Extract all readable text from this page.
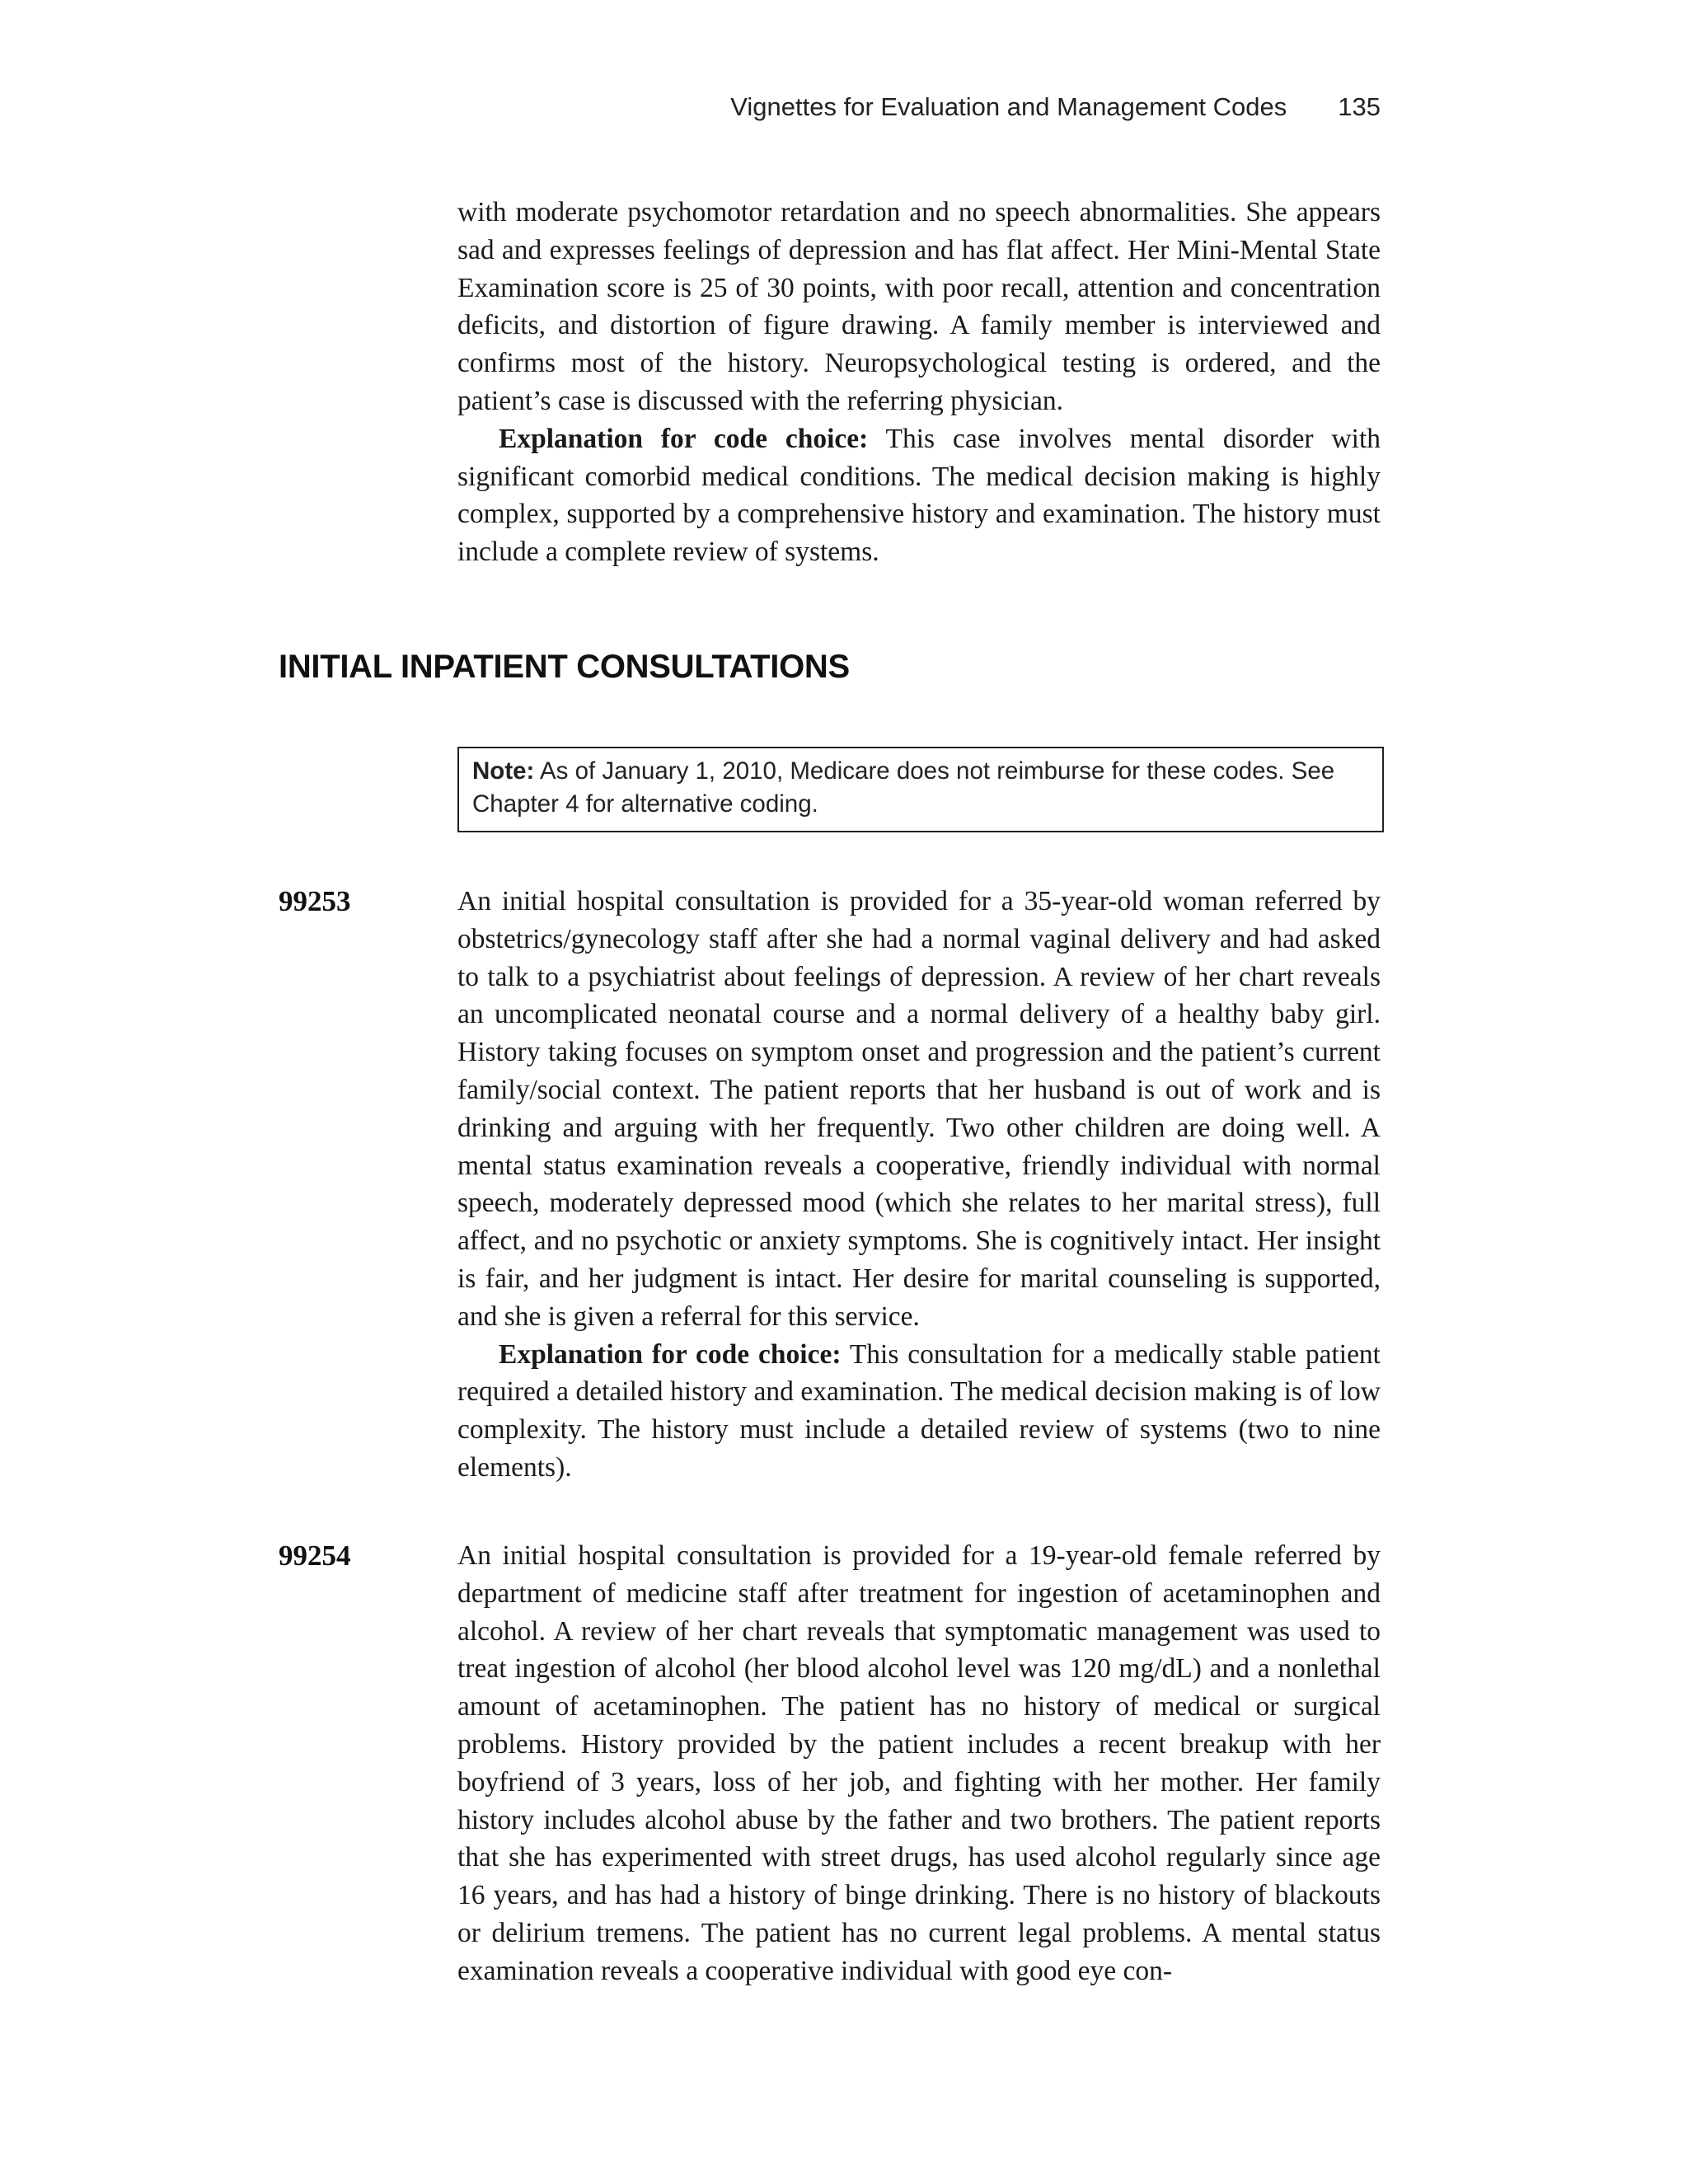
Vignettes for Evaluation and Management Codes 135

with moderate psychomotor retardation and no speech abnormalities. She appears sad and expresses feelings of depression and has flat affect. Her Mini-Mental State Examination score is 25 of 30 points, with poor recall, attention and concentration deficits, and distortion of figure drawing. A family member is interviewed and confirms most of the history. Neuropsychological testing is ordered, and the patient’s case is discussed with the referring physician.

Explanation for code choice: This case involves mental disorder with significant comorbid medical conditions. The medical decision making is highly complex, supported by a comprehensive history and examination. The history must include a complete review of systems.

INITIAL INPATIENT CONSULTATIONS
Note: As of January 1, 2010, Medicare does not reimburse for these codes. See Chapter 4 for alternative coding.
99253	An initial hospital consultation is provided for a 35-year-old woman referred by obstetrics/gynecology staff after she had a normal vaginal delivery and had asked to talk to a psychiatrist about feelings of depression. A review of her chart reveals an uncomplicated neonatal course and a normal delivery of a healthy baby girl. History taking focuses on symptom onset and progression and the patient’s current family/social context. The patient reports that her husband is out of work and is drinking and arguing with her frequently. Two other children are doing well. A mental status examination reveals a cooperative, friendly individual with normal speech, moderately depressed mood (which she relates to her marital stress), full affect, and no psychotic or anxiety symptoms. She is cognitively intact. Her insight is fair, and her judgment is intact. Her desire for marital counseling is supported, and she is given a referral for this service.

Explanation for code choice: This consultation for a medically stable patient required a detailed history and examination. The medical decision making is of low complexity. The history must include a detailed review of systems (two to nine elements).

99254	An initial hospital consultation is provided for a 19-year-old female referred by department of medicine staff after treatment for ingestion of acetaminophen and alcohol. A review of her chart reveals that symptomatic management was used to treat ingestion of alcohol (her blood alcohol level was 120 mg/dL) and a nonlethal amount of acetaminophen. The patient has no history of medical or surgical problems. History provided by the patient includes a recent breakup with her boyfriend of 3 years, loss of her job, and fighting with her mother. Her family history includes alcohol abuse by the father and two brothers. The patient reports that she has experimented with street drugs, has used alcohol regularly since age 16 years, and has had a history of binge drinking. There is no history of blackouts or delirium tremens. The patient has no current legal problems. A mental status examination reveals a cooperative individual with good eye con-
